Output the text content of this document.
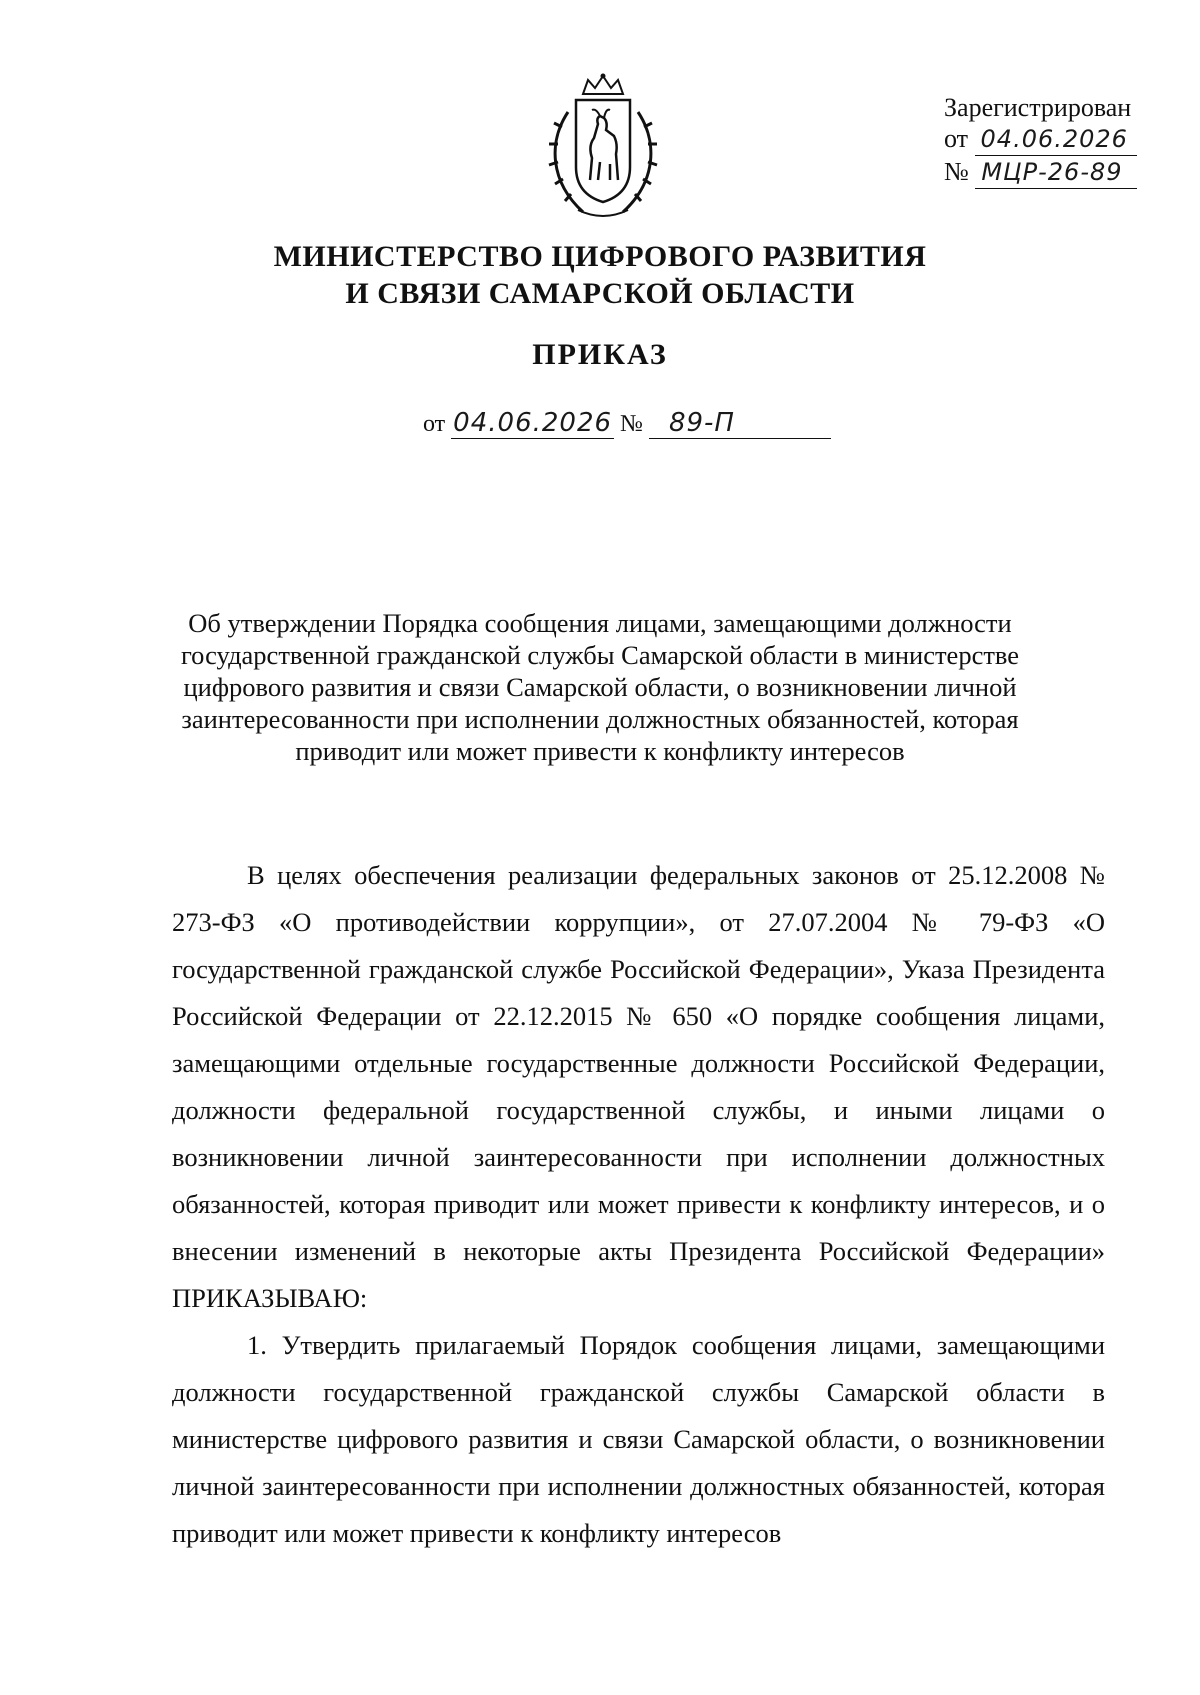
Зарегистрирован
от 04.06.2026
№ МЦР-26-89
МИНИСТЕРСТВО ЦИФРОВОГО РАЗВИТИЯ
И СВЯЗИ САМАРСКОЙ ОБЛАСТИ
ПРИКАЗ
от 04.06.2026 № 89-П
Об утверждении Порядка сообщения лицами, замещающими должности государственной гражданской службы Самарской области в министерстве цифрового развития и связи Самарской области, о возникновении личной заинтересованности при исполнении должностных обязанностей, которая приводит или может привести к конфликту интересов

В целях обеспечения реализации федеральных законов от 25.12.2008 № 273-ФЗ «О противодействии коррупции», от 27.07.2004 № 79-ФЗ «О государственной гражданской службе Российской Федерации», Указа Президента Российской Федерации от 22.12.2015 № 650 «О порядке сообщения лицами, замещающими отдельные государственные должности Российской Федерации, должности федеральной государственной службы, и иными лицами о возникновении личной заинтересованности при исполнении должностных обязанностей, которая приводит или может привести к конфликту интересов, и о внесении изменений в некоторые акты Президента Российской Федерации» ПРИКАЗЫВАЮ:

1. Утвердить прилагаемый Порядок сообщения лицами, замещающими должности государственной гражданской службы Самарской области в министерстве цифрового развития и связи Самарской области, о возникновении личной заинтересованности при исполнении должностных обязанностей, которая приводит или может привести к конфликту интересов
